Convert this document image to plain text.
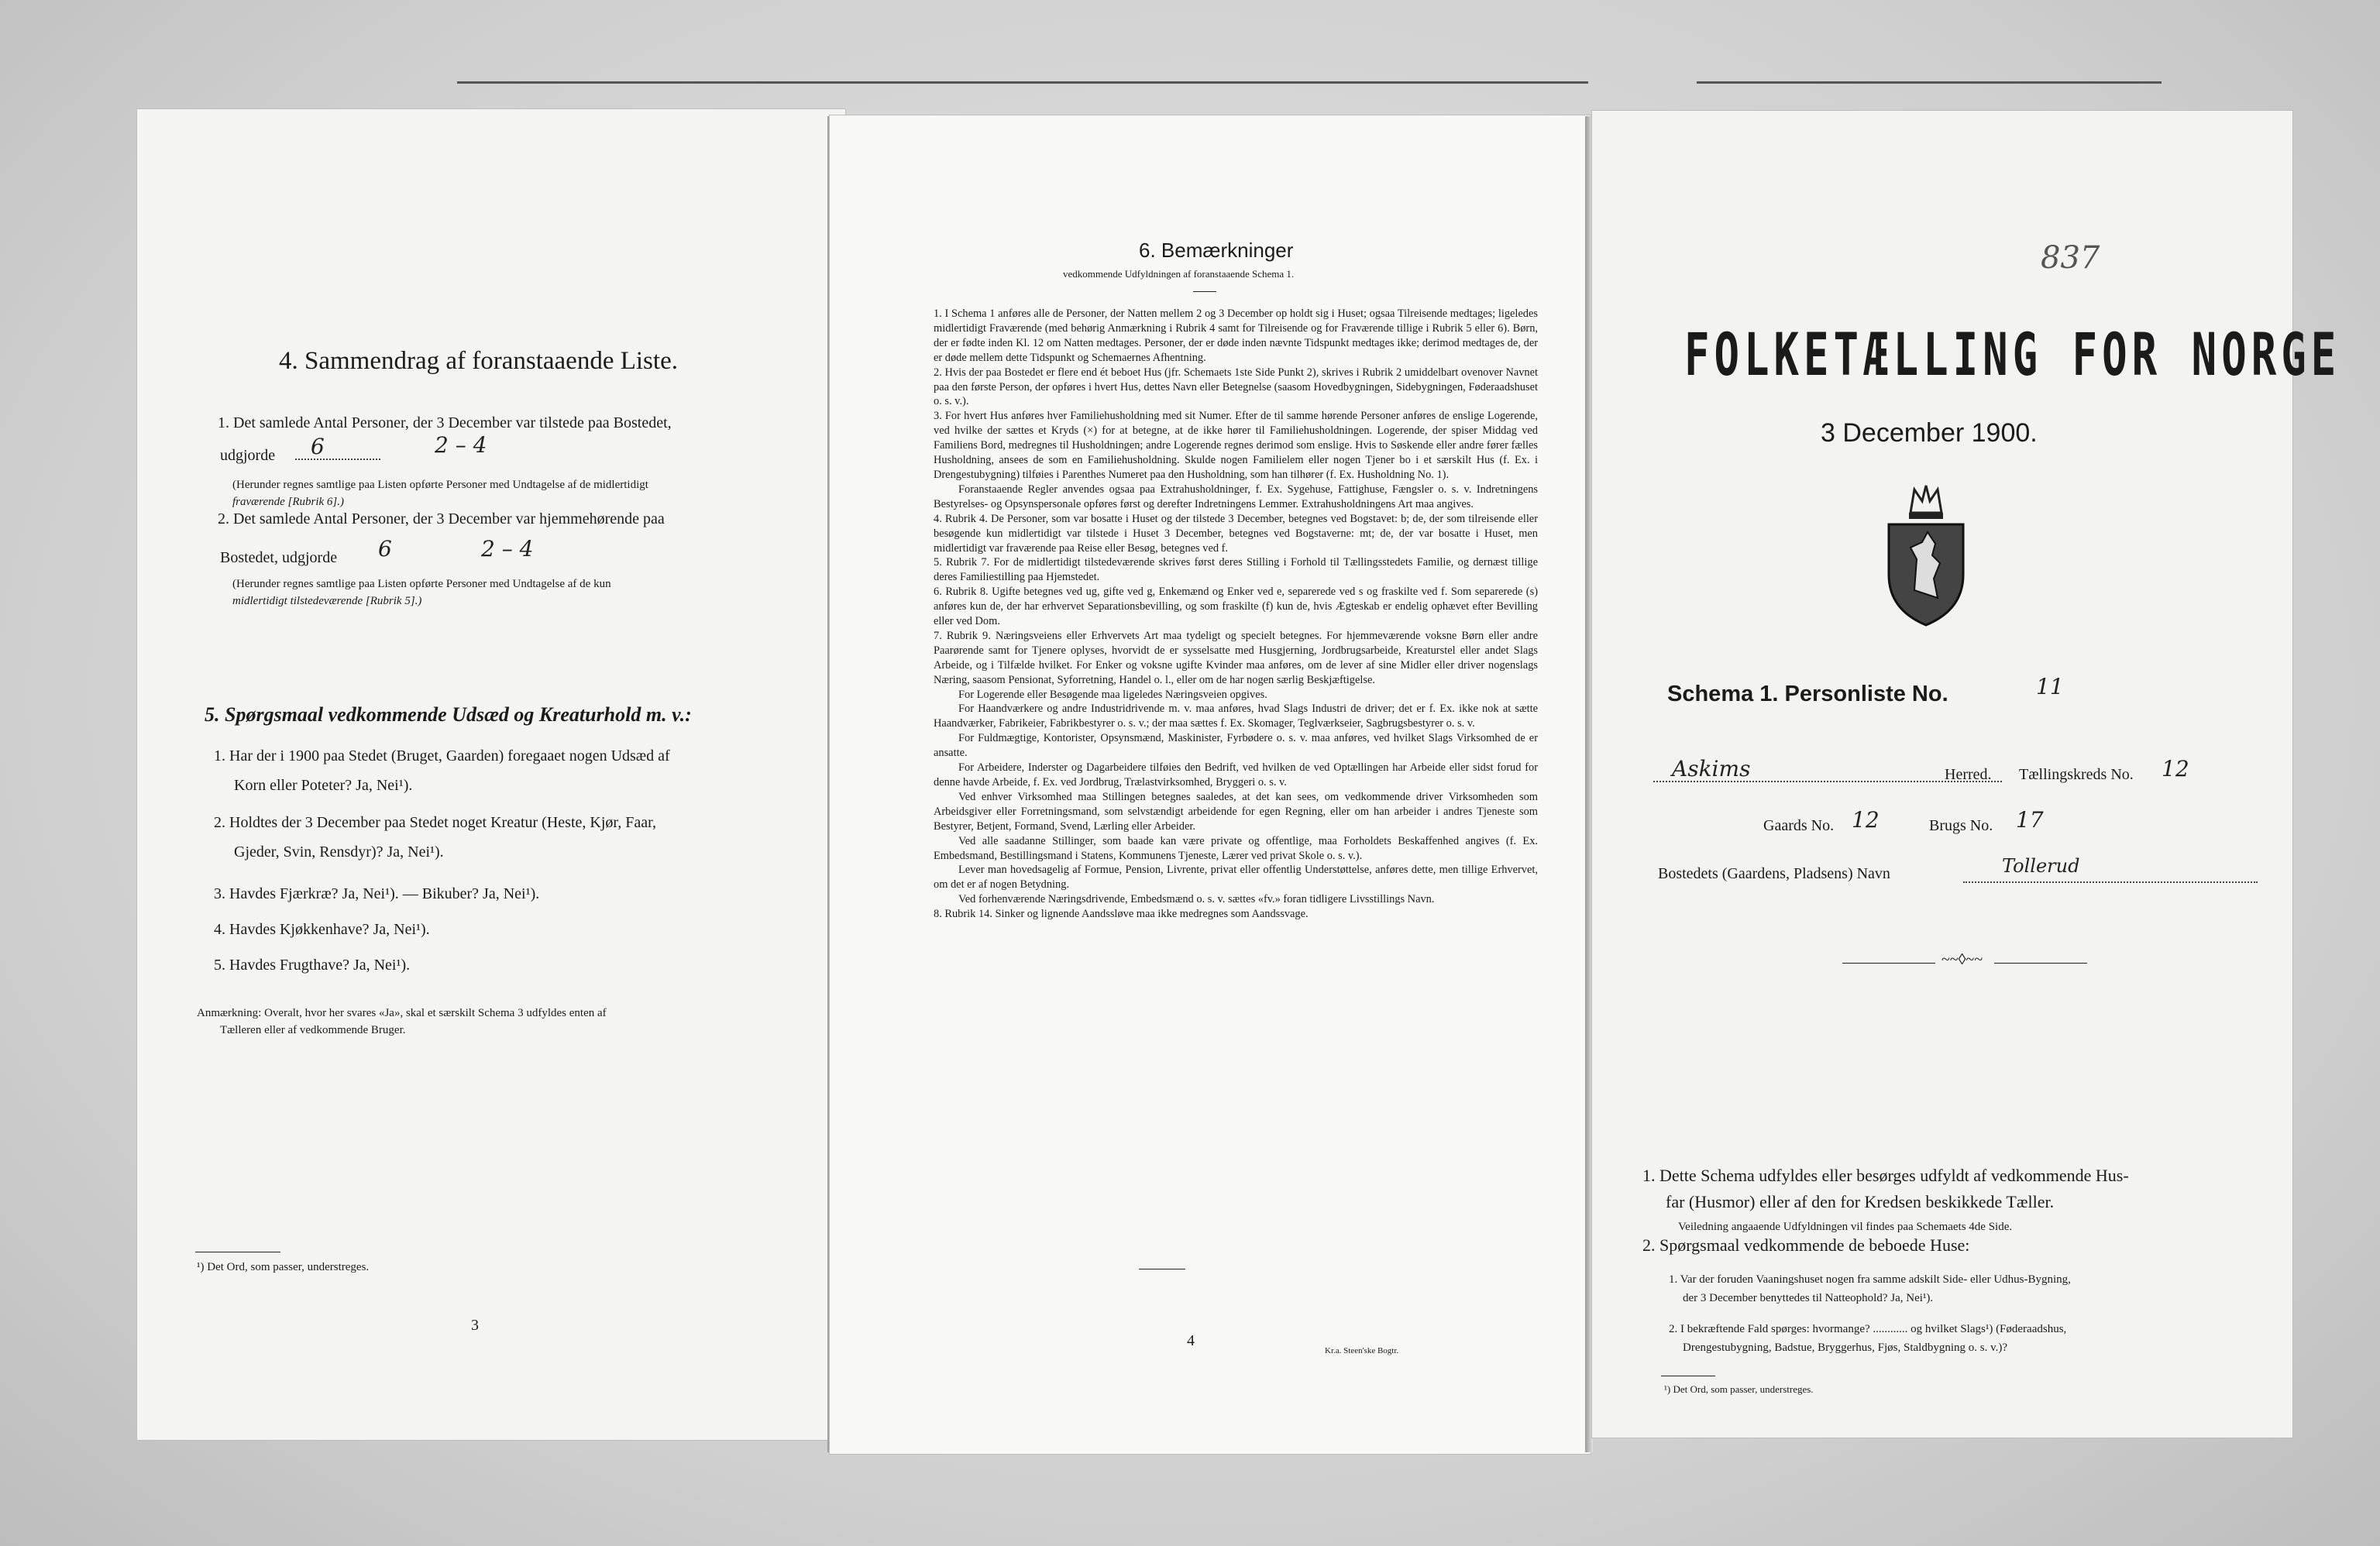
4. Sammendrag af foranstaaende Liste.
1. Det samlede Antal Personer, der 3 December var tilstede paa Bostedet,
udgjorde 6	2 – 4
(Herunder regnes samtlige paa Listen opførte Personer med Undtagelse af de midlertidigt
fraværende [Rubrik 6].)
2. Det samlede Antal Personer, der 3 December var hjemmehørende paa
Bostedet, udgjorde 6	2 – 4
(Herunder regnes samtlige paa Listen opførte Personer med Undtagelse af de kun
midlertidigt tilstedeværende [Rubrik 5].)
5. Spørgsmaal vedkommende Udsæd og Kreaturhold m. v.:
1. Har der i 1900 paa Stedet (Bruget, Gaarden) foregaaet nogen Udsæd af
Korn eller Poteter? Ja, Nei¹).
2. Holdtes der 3 December paa Stedet noget Kreatur (Heste, Kjør, Faar,
Gjeder, Svin, Rensdyr)? Ja, Nei¹).
3. Havdes Fjærkræ? Ja, Nei¹). — Bikuber? Ja, Nei¹).
4. Havdes Kjøkkenhave? Ja, Nei¹).
5. Havdes Frugthave? Ja, Nei¹).
Anmærkning: Overalt, hvor her svares «Ja», skal et særskilt Schema 3 udfyldes enten af
Tælleren eller af vedkommende Bruger.
¹) Det Ord, som passer, understreges.
3
6. Bemærkninger
vedkommende Udfyldningen af foranstaaende Schema 1.

1. I Schema 1 anføres alle de Personer, der Natten mellem 2 og 3 December op holdt sig i Huset; ogsaa Tilreisende medtages; ligeledes midlertidigt Fraværende (med behørig Anmærkning i Rubrik 4 samt for Tilreisende og for Fraværende tillige i Rubrik 5 eller 6). Børn, der er fødte inden Kl. 12 om Natten medtages. Personer, der er døde inden nævnte Tidspunkt medtages ikke; derimod medtages de, der er døde mellem dette Tidspunkt og Schemaernes Afhentning.

2. Hvis der paa Bostedet er flere end ét beboet Hus (jfr. Schemaets 1ste Side Punkt 2), skrives i Rubrik 2 umiddelbart ovenover Navnet paa den første Person, der opføres i hvert Hus, dettes Navn eller Betegnelse (saasom Hovedbygningen, Sidebygningen, Føderaadshuset o. s. v.).

3. For hvert Hus anføres hver Familiehusholdning med sit Numer. Efter de til samme hørende Personer anføres de enslige Logerende, ved hvilke der sættes et Kryds (×) for at betegne, at de ikke hører til Familiehusholdningen. Logerende, der spiser Middag ved Familiens Bord, medregnes til Husholdningen; andre Logerende regnes derimod som enslige. Hvis to Søskende eller andre fører fælles Husholdning, ansees de som en Familiehusholdning. Skulde nogen Familielem eller nogen Tjener bo i et særskilt Hus (f. Ex. i Drengestubygning) tilføies i Parenthes Numeret paa den Husholdning, som han tilhører (f. Ex. Husholdning No. 1).

Foranstaaende Regler anvendes ogsaa paa Extrahusholdninger, f. Ex. Sygehuse, Fattighuse, Fængsler o. s. v. Indretningens Bestyrelses- og Opsynspersonale opføres først og derefter Indretningens Lemmer. Extrahusholdningens Art maa angives.

4. Rubrik 4. De Personer, som var bosatte i Huset og der tilstede 3 December, betegnes ved Bogstavet: b; de, der som tilreisende eller besøgende kun midlertidigt var tilstede i Huset 3 December, betegnes ved Bogstaverne: mt; de, der var bosatte i Huset, men midlertidigt var fraværende paa Reise eller Besøg, betegnes ved f.

5. Rubrik 7. For de midlertidigt tilstedeværende skrives først deres Stilling i Forhold til Tællingsstedets Familie, og dernæst tillige deres Familiestilling paa Hjemstedet.

6. Rubrik 8. Ugifte betegnes ved ug, gifte ved g, Enkemænd og Enker ved e, separerede ved s og fraskilte ved f. Som separerede (s) anføres kun de, der har erhvervet Separationsbevilling, og som fraskilte (f) kun de, hvis Ægteskab er endelig ophævet efter Bevilling eller ved Dom.

7. Rubrik 9. Næringsveiens eller Erhvervets Art maa tydeligt og specielt betegnes. For hjemmeværende voksne Børn eller andre Paarørende samt for Tjenere oplyses, hvorvidt de er sysselsatte med Husgjerning, Jordbrugsarbeide, Kreaturstel eller andet Slags Arbeide, og i Tilfælde hvilket. For Enker og voksne ugifte Kvinder maa anføres, om de lever af sine Midler eller driver nogenslags Næring, saasom Pensionat, Syforretning, Handel o. l., eller om de har nogen særlig Beskjæftigelse.

For Logerende eller Besøgende maa ligeledes Næringsveien opgives.

For Haandværkere og andre Industridrivende m. v. maa anføres, hvad Slags Industri de driver; det er f. Ex. ikke nok at sætte Haandværker, Fabrikeier, Fabrikbestyrer o. s. v.; der maa sættes f. Ex. Skomager, Teglværkseier, Sagbrugsbestyrer o. s. v.

For Fuldmægtige, Kontorister, Opsynsmænd, Maskinister, Fyrbødere o. s. v. maa anføres, ved hvilket Slags Virksomhed de er ansatte.

For Arbeidere, Inderster og Dagarbeidere tilføies den Bedrift, ved hvilken de ved Optællingen har Arbeide eller sidst forud for denne havde Arbeide, f. Ex. ved Jordbrug, Trælastvirksomhed, Bryggeri o. s. v.

Ved enhver Virksomhed maa Stillingen betegnes saaledes, at det kan sees, om vedkommende driver Virksomheden som Arbeidsgiver eller Forretningsmand, som selvstændigt arbeidende for egen Regning, eller om han arbeider i andres Tjeneste som Bestyrer, Betjent, Formand, Svend, Lærling eller Arbeider.

Ved alle saadanne Stillinger, som baade kan være private og offentlige, maa Forholdets Beskaffenhed angives (f. Ex. Embedsmand, Bestillingsmand i Statens, Kommunens Tjeneste, Lærer ved privat Skole o. s. v.).

Lever man hovedsagelig af Formue, Pension, Livrente, privat eller offentlig Understøttelse, anføres dette, men tillige Erhvervet, om det er af nogen Betydning.

Ved forhenværende Næringsdrivende, Embedsmænd o. s. v. sættes «fv.» foran tidligere Livsstillings Navn.

8. Rubrik 14. Sinker og lignende Aandssløve maa ikke medregnes som Aandssvage.

4
Kr.a. Steen'ske Bogtr.
837
FOLKETÆLLING FOR NORGE
3 December 1900.
Schema 1. Personliste No.	11
Askims	Herred. Tællingskreds No. 12
Gaards No. 12	Brugs No. 17
Bostedets (Gaardens, Pladsens) Navn	Tollerud
~~◊~~
1. Dette Schema udfyldes eller besørges udfyldt af vedkommende Hus-
far (Husmor) eller af den for Kredsen beskikkede Tæller.
Veiledning angaaende Udfyldningen vil findes paa Schemaets 4de Side.
2. Spørgsmaal vedkommende de beboede Huse:
1. Var der foruden Vaaningshuset nogen fra samme adskilt Side- eller Udhus-Bygning,
der 3 December benyttedes til Natteophold? Ja, Nei¹).
2. I bekræftende Fald spørges: hvormange? ............ og hvilket Slags¹) (Føderaadshus,
Drengestubygning, Badstue, Bryggerhus, Fjøs, Staldbygning o. s. v.)?
¹) Det Ord, som passer, understreges.
